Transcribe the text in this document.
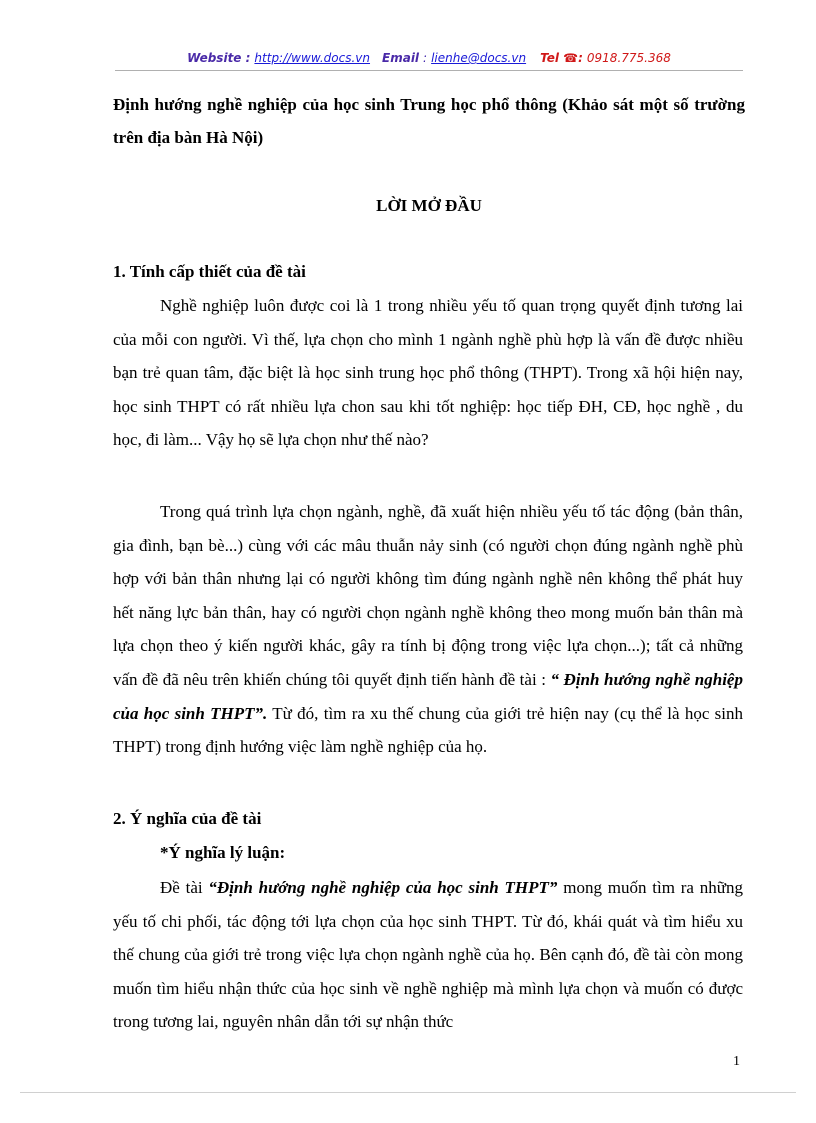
Website : http://www.docs.vn Email : lienhe@docs.vn Tel ☎: 0918.775.368
Định hướng nghề nghiệp của học sinh Trung học phổ thông (Khảo sát một số trường trên địa bàn Hà Nội)
LỜI MỞ ĐẦU
1. Tính cấp thiết của đề tài

Nghề nghiệp luôn được coi là 1 trong nhiều yếu tố quan trọng quyết định tương lai của mỗi con người. Vì thế, lựa chọn cho mình 1 ngành nghề phù hợp là vấn đề được nhiều bạn trẻ quan tâm, đặc biệt là học sinh trung học phổ thông (THPT). Trong xã hội hiện nay, học sinh THPT có rất nhiều lựa chon sau khi tốt nghiệp: học tiếp ĐH, CĐ, học nghề , du học, đi làm... Vậy họ sẽ lựa chọn như thế nào?

Trong quá trình lựa chọn ngành, nghề, đã xuất hiện nhiều yếu tố tác động (bản thân, gia đình, bạn bè...) cùng với các mâu thuẫn nảy sinh (có người chọn đúng ngành nghề phù hợp với bản thân nhưng lại có người không tìm đúng ngành nghề nên không thể phát huy hết năng lực bản thân, hay có người chọn ngành nghề không theo mong muốn bản thân mà lựa chọn theo ý kiến người khác, gây ra tính bị động trong việc lựa chọn...); tất cả những vấn đề đã nêu trên khiến chúng tôi quyết định tiến hành đề tài : “ Định hướng nghề nghiệp của học sinh THPT”. Từ đó, tìm ra xu thế chung của giới trẻ hiện nay (cụ thể là học sinh THPT) trong định hướng việc làm nghề nghiệp của họ.

2. Ý nghĩa của đề tài
*Ý nghĩa lý luận:

Đề tài “Định hướng nghề nghiệp của học sinh THPT” mong muốn tìm ra những yếu tố chi phối, tác động tới lựa chọn của học sinh THPT. Từ đó, khái quát và tìm hiểu xu thế chung của giới trẻ trong việc lựa chọn ngành nghề của họ. Bên cạnh đó, đề tài còn mong muốn tìm hiểu nhận thức của học sinh về nghề nghiệp mà mình lựa chọn và muốn có được trong tương lai, nguyên nhân dẫn tới sự nhận thức

1
